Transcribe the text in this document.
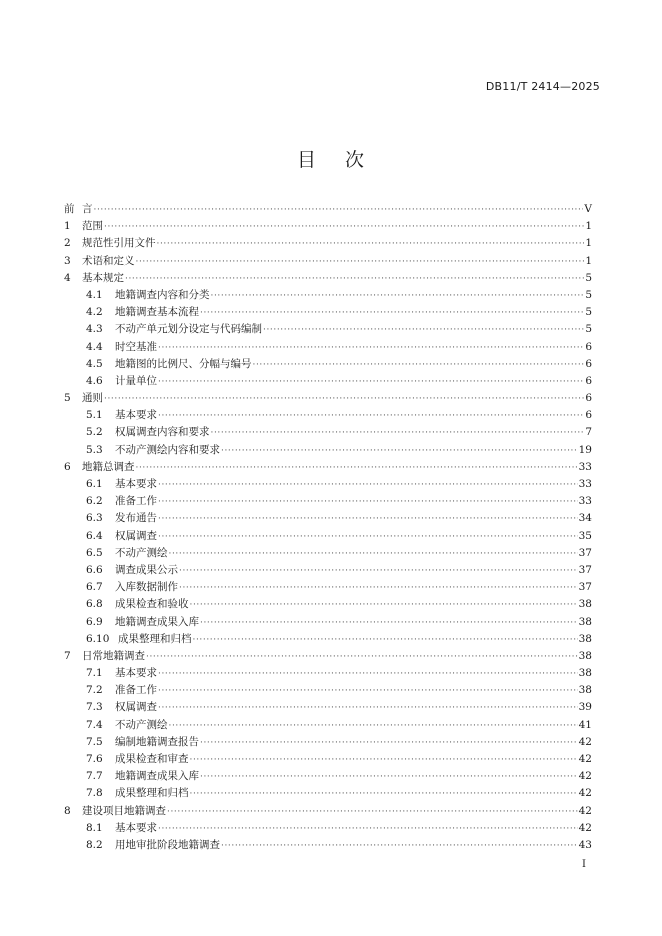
DB11/T 2414—2025
目 次
前 言 ·····	Ⅴ
1	范围 ·····	1
2	规范性引用文件 ·····	1
3	术语和定义 ·····	1
4	基本规定 ·····	5
4.1	地籍调查内容和分类 ·····	5
4.2	地籍调查基本流程 ·····	5
4.3	不动产单元划分设定与代码编制 ·····	5
4.4	时空基准 ·····	6
4.5	地籍图的比例尺、分幅与编号 ·····	6
4.6	计量单位 ·····	6
5	通则 ·····	6
5.1	基本要求 ·····	6
5.2	权属调查内容和要求 ·····	7
5.3	不动产测绘内容和要求 ·····	19
6	地籍总调查 ·····	33
6.1	基本要求 ·····	33
6.2	准备工作 ·····	33
6.3	发布通告 ·····	34
6.4	权属调查 ·····	35
6.5	不动产测绘 ·····	37
6.6	调查成果公示 ·····	37
6.7	入库数据制作 ·····	37
6.8	成果检查和验收 ·····	38
6.9	地籍调查成果入库 ·····	38
6.10 成果整理和归档 ·····	38
7	日常地籍调查 ·····	38
7.1	基本要求 ·····	38
7.2	准备工作 ·····	38
7.3	权属调查 ·····	39
7.4	不动产测绘 ·····	41
7.5	编制地籍调查报告 ·····	42
7.6	成果检查和审查 ·····	42
7.7	地籍调查成果入库 ·····	42
7.8	成果整理和归档 ·····	42
8	建设项目地籍调查 ·····	42
8.1	基本要求 ·····	42
8.2	用地审批阶段地籍调查 ·····	43
I
